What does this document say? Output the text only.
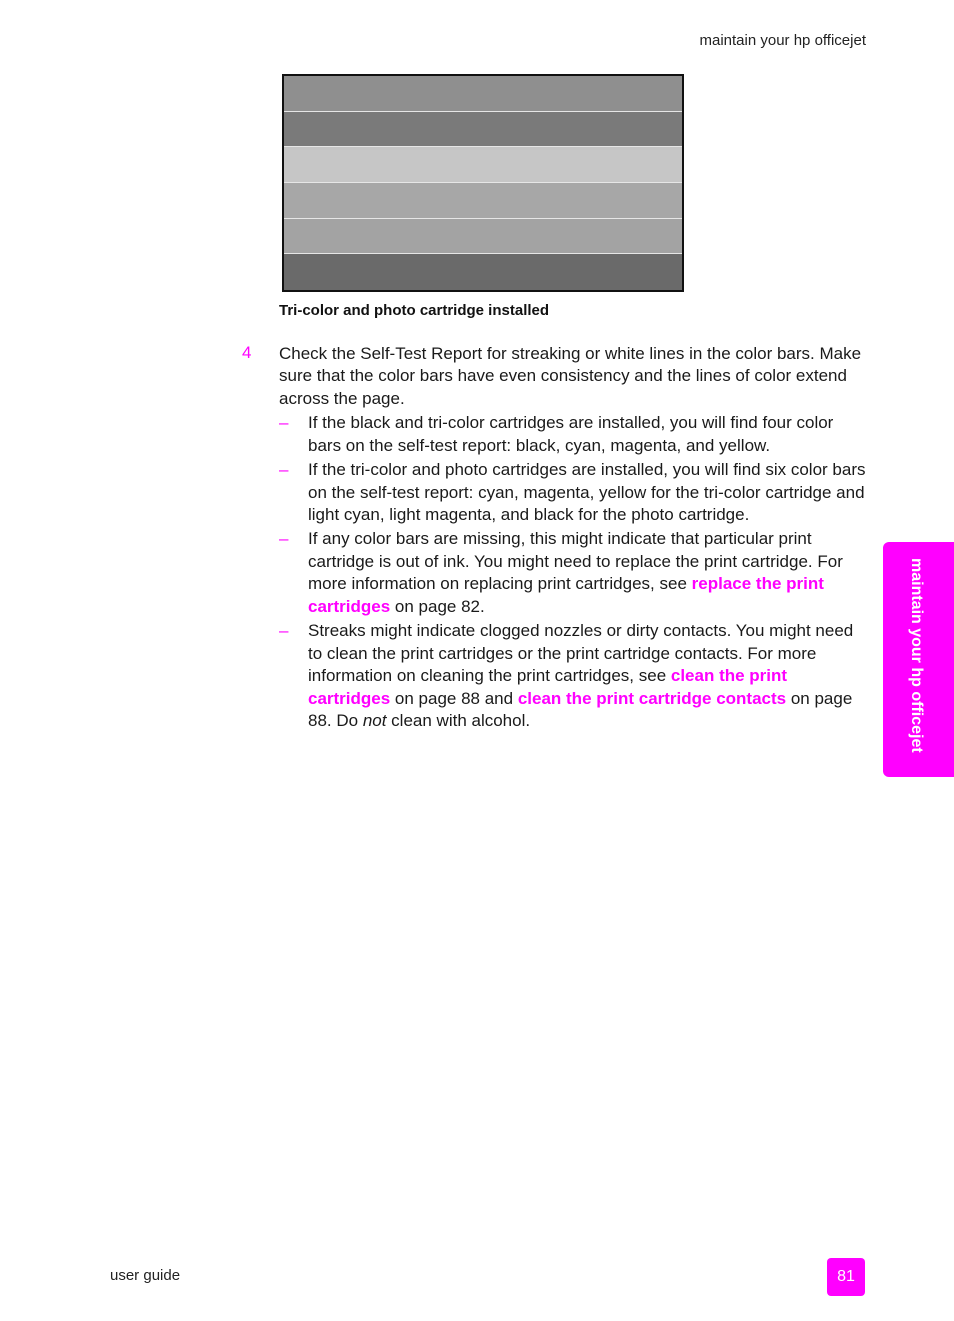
maintain your hp officejet
Tri-color and photo cartridge installed
4 Check the Self-Test Report for streaking or white lines in the color bars. Make sure that the color bars have even consistency and the lines of color extend across the page.
– If the black and tri-color cartridges are installed, you will find four color bars on the self-test report: black, cyan, magenta, and yellow.
– If the tri-color and photo cartridges are installed, you will find six color bars on the self-test report: cyan, magenta, yellow for the tri-color cartridge and light cyan, light magenta, and black for the photo cartridge.
– If any color bars are missing, this might indicate that particular print cartridge is out of ink. You might need to replace the print cartridge. For more information on replacing print cartridges, see replace the print cartridges on page 82.
– Streaks might indicate clogged nozzles or dirty contacts. You might need to clean the print cartridges or the print cartridge contacts. For more information on cleaning the print cartridges, see clean the print cartridges on page 88 and clean the print cartridge contacts on page 88. Do not clean with alcohol.	maintain your hp officejet
user guide	81
